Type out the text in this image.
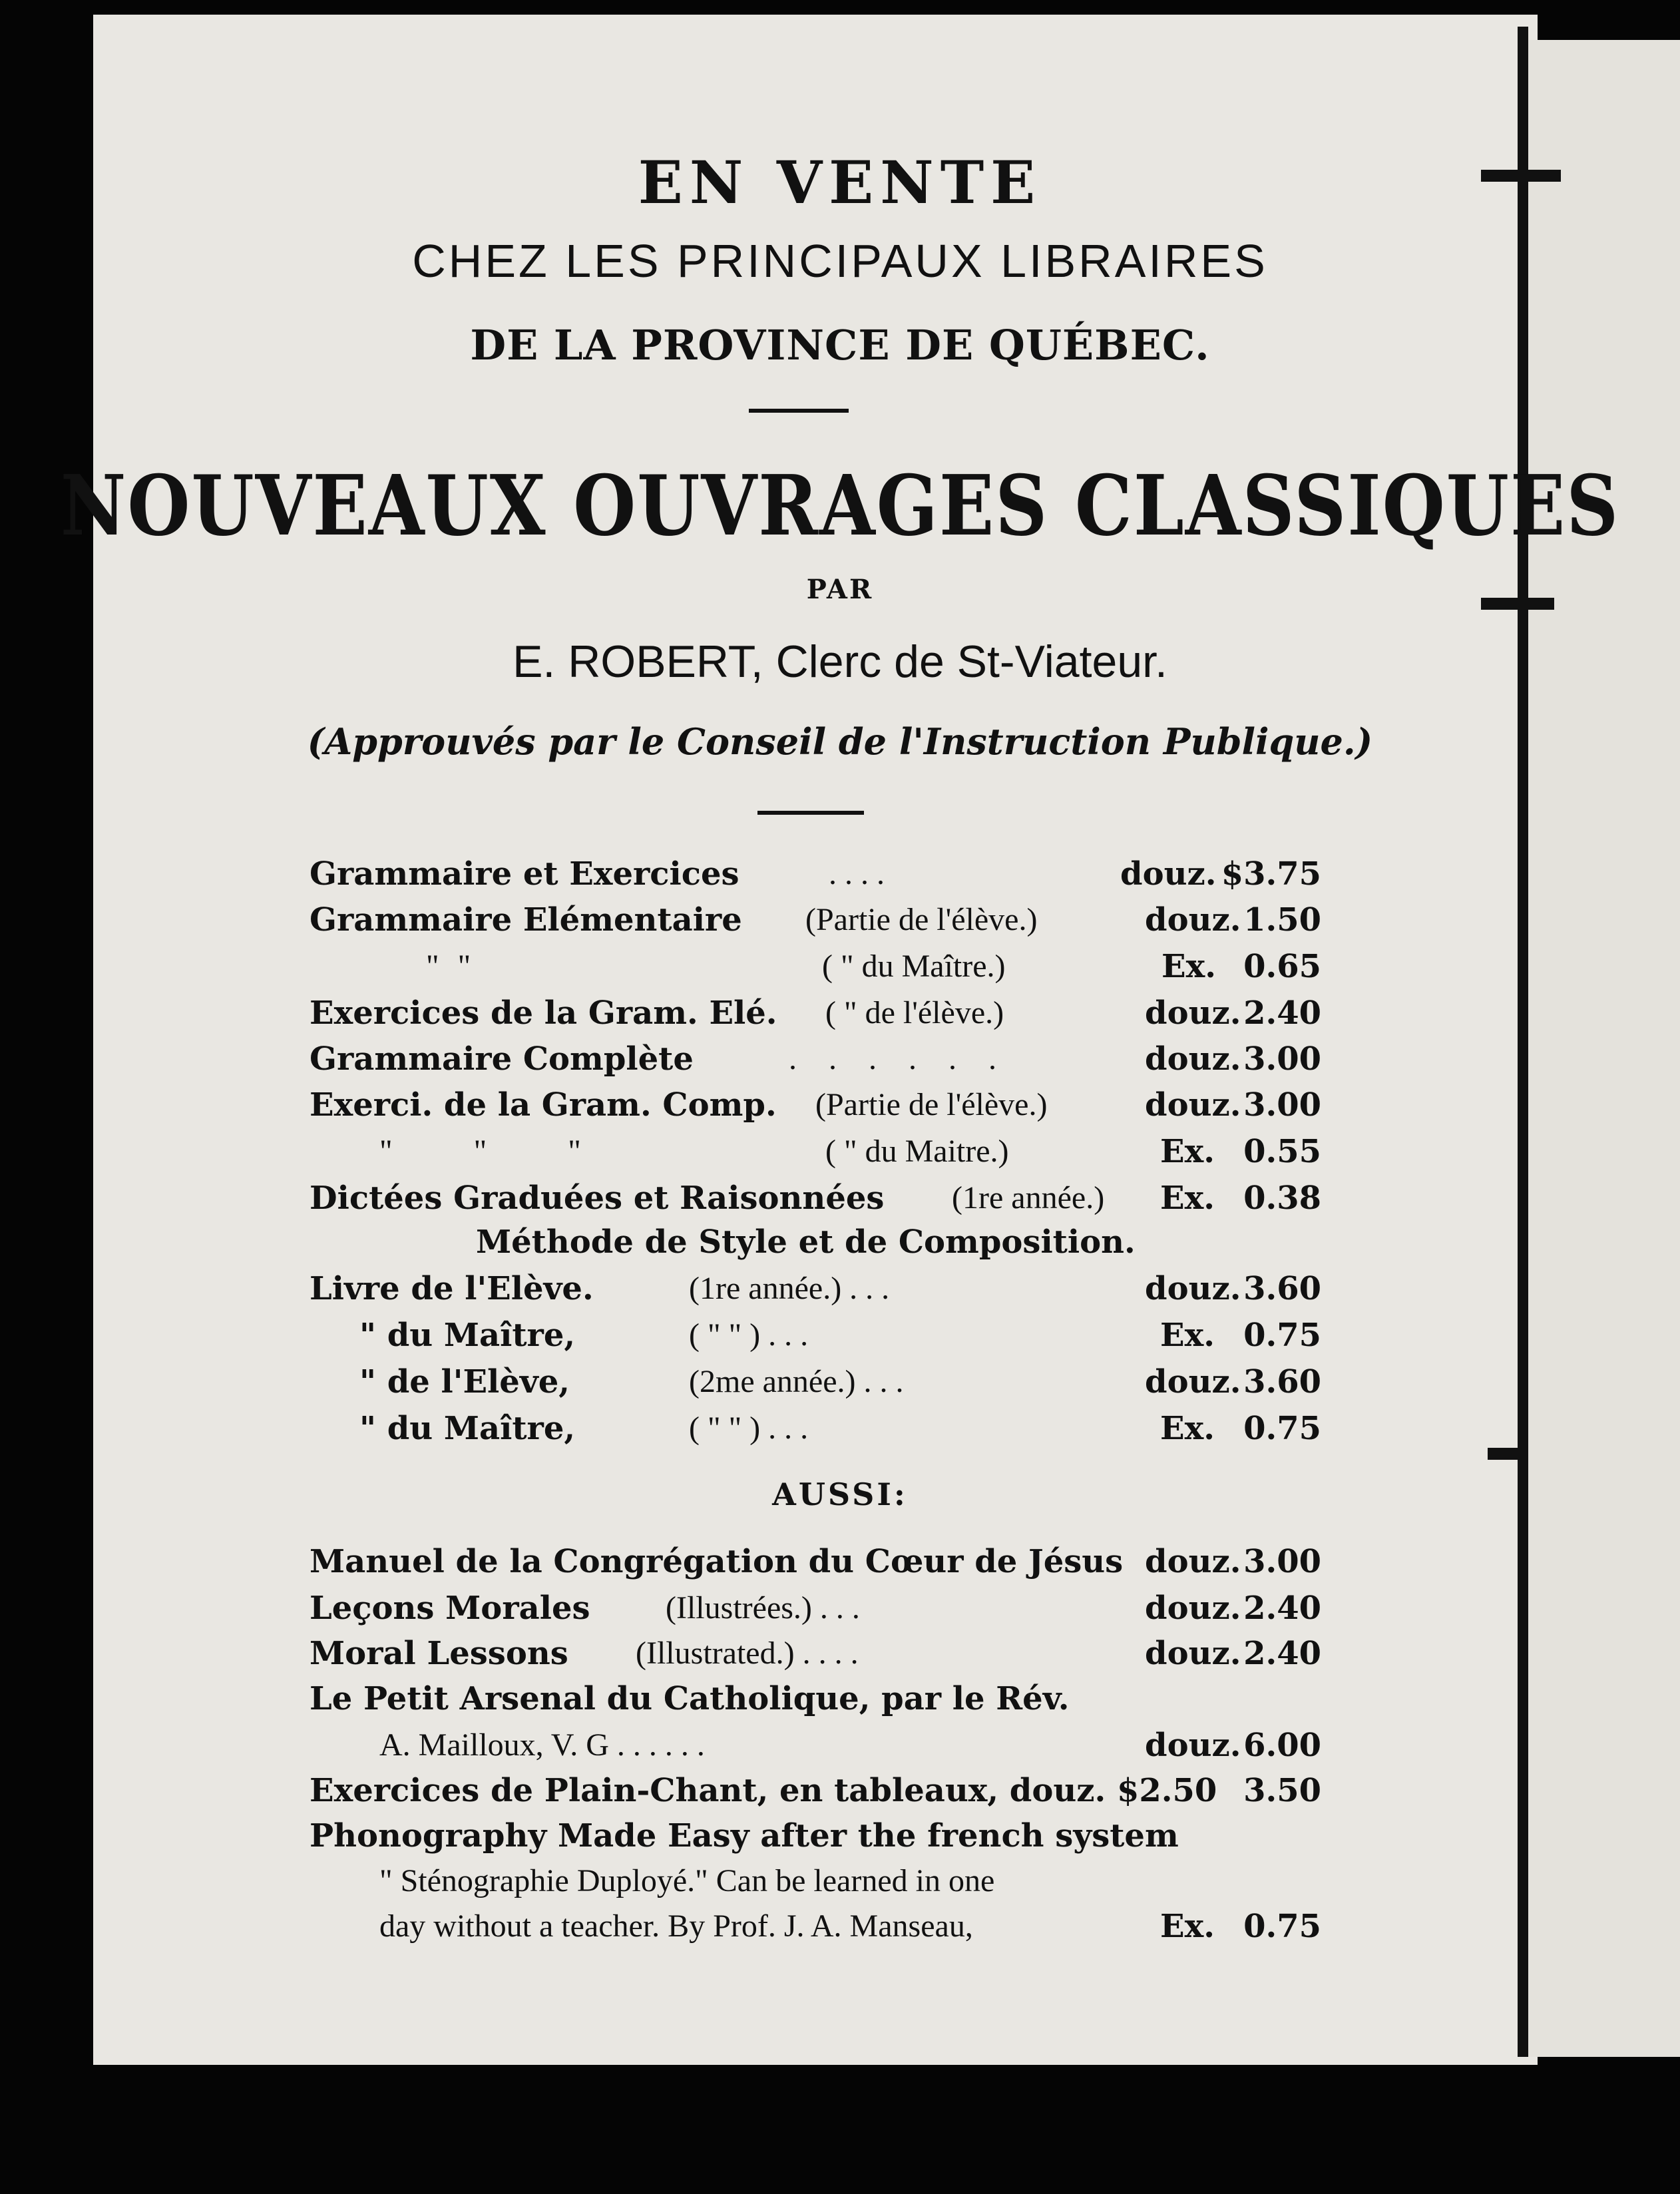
EN VENTE
CHEZ LES PRINCIPAUX LIBRAIRES
DE LA PROVINCE DE QUÉBEC.
NOUVEAUX OUVRAGES CLASSIQUES
PAR
E. ROBERT, Clerc de St-Viateur.
(Approuvés par le Conseil de l'Instruction Publique.)
Grammaire et Exercices	. . . .	douz. $3.75
Grammaire Elémentaire (Partie de l'élève.)	douz. 1.50
" "	( " du Maître.)	Ex. 0.65
Exercices de la Gram. Elé. ( " de l'élève.)	douz. 2.40
Grammaire Complète	. . . . . .	douz. 3.00
Exerci. de la Gram. Comp. (Partie de l'élève.)	douz. 3.00
" " "	( " du Maitre.)	Ex. 0.55
Dictées Graduées et Raisonnées (1re année.) Ex. 0.38
Méthode de Style et de Composition.
Livre de l'Elève.	(1re année.) . . .	douz. 3.60
" du Maître,	( " " ) . . .	Ex. 0.75
" de l'Elève,	(2me année.) . . .	douz. 3.60
" du Maître,	( " " ) . . .	Ex. 0.75
AUSSI:
Manuel de la Congrégation du Cœur de Jésus douz. 3.00
Leçons Morales (Illustrées.) . . .	douz. 2.40
Moral Lessons (Illustrated.) . . . .	douz. 2.40
Le Petit Arsenal du Catholique, par le Rév.
A. Mailloux, V. G . . . . . .	douz. 6.00
Exercices de Plain-Chant, en tableaux, douz. $2.50 3.50
Phonography Made Easy after the french system
" Sténographie Duployé." Can be learned in one
day without a teacher. By Prof. J. A. Manseau,	Ex. 0.75
